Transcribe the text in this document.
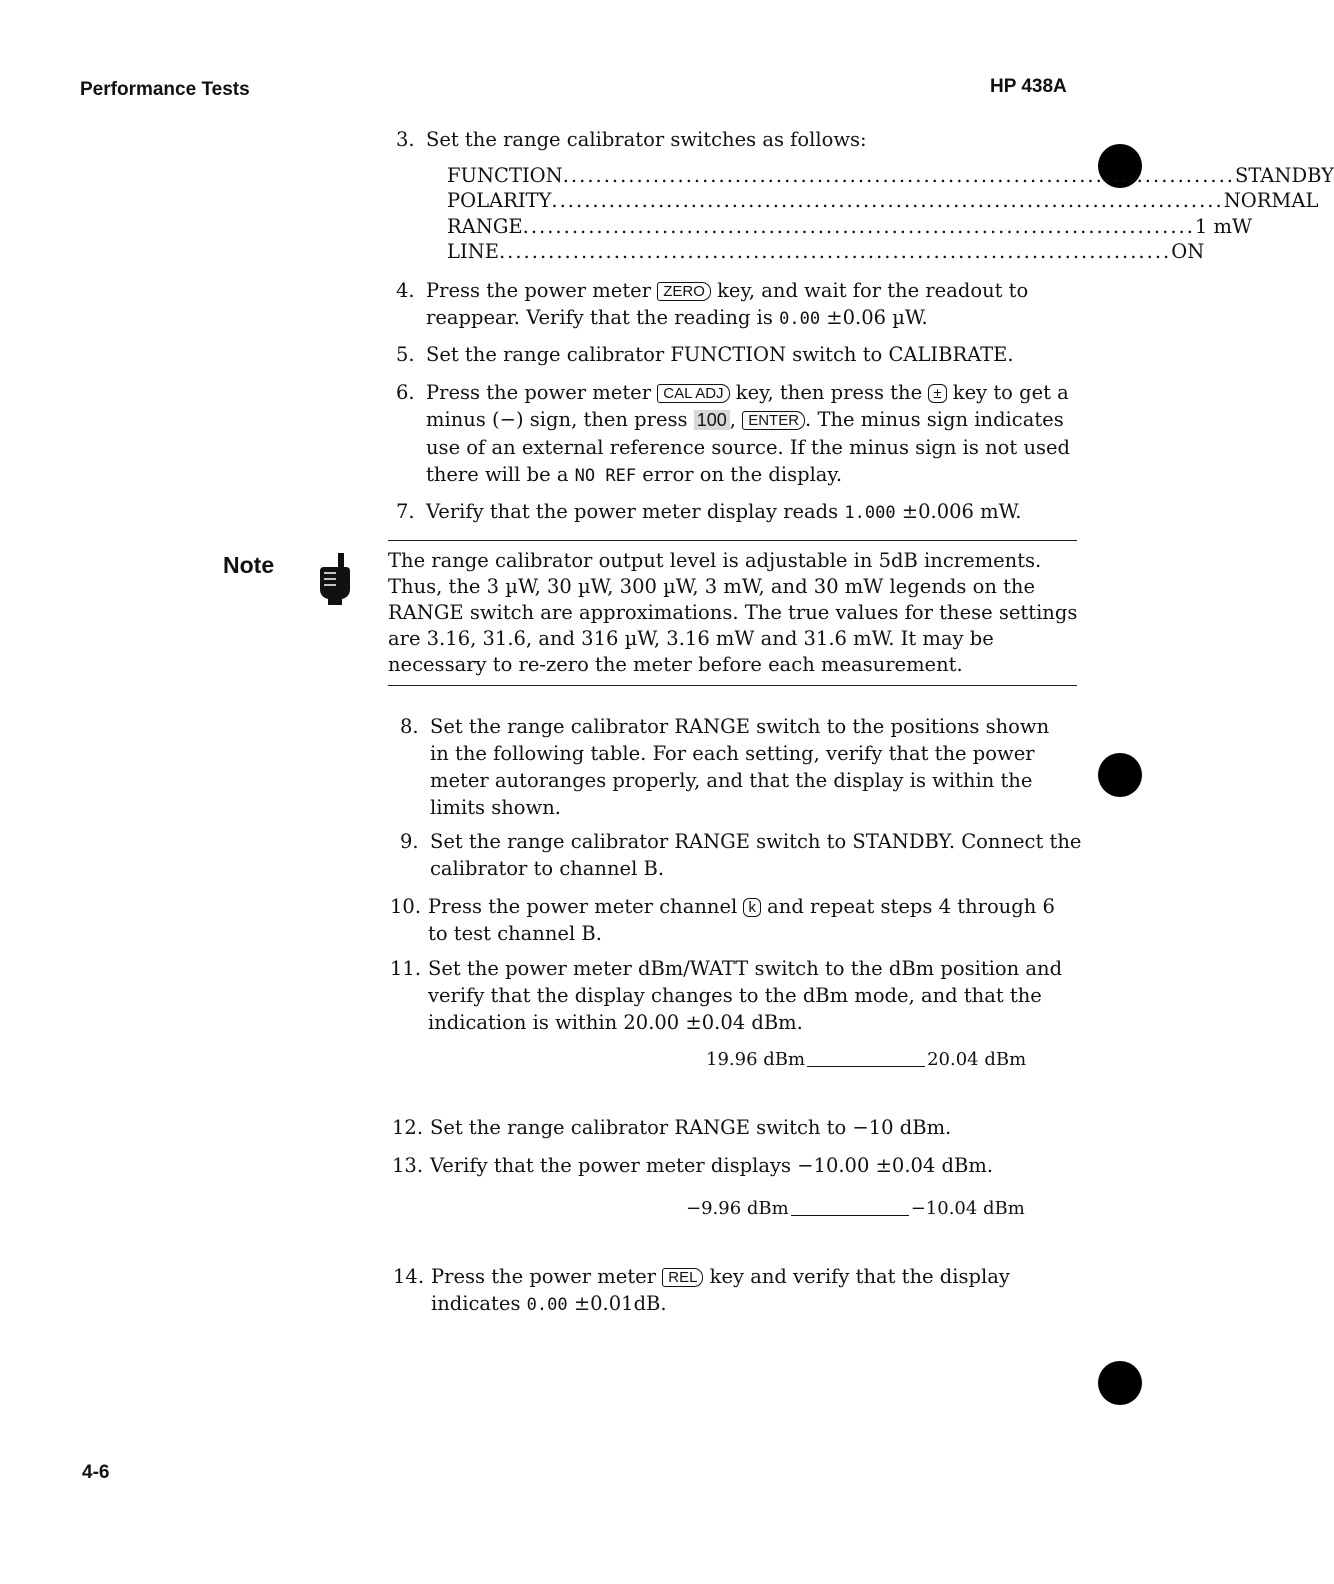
Performance Tests	HP 438A
3. Set the range calibrator switches as follows:
FUNCTION .................................................................................. STANDBY
POLARITY .................................................................................. NORMAL
RANGE .................................................................................. 1 mW
LINE .................................................................................. ON
4. Press the power meter ZERO key, and wait for the readout to reappear. Verify that the reading is 0.00 ±0.06 µW.
5. Set the range calibrator FUNCTION switch to CALIBRATE.
6. Press the power meter CAL ADJ key, then press the ± key to get a minus (−) sign, then press 100 , ENTER . The minus sign indicates use of an external reference source. If the minus sign is not used there will be a NO REF error on the display.
7. Verify that the power meter display reads 1.000 ±0.006 mW.
Note	The range calibrator output level is adjustable in 5dB increments. Thus, the 3 µW, 30 µW, 300 µW, 3 mW, and 30 mW legends on the RANGE switch are approximations. The true values for these settings are 3.16, 31.6, and 316 µW, 3.16 mW and 31.6 mW. It may be necessary to re-zero the meter before each measurement.
8. Set the range calibrator RANGE switch to the positions shown in the following table. For each setting, verify that the power meter autoranges properly, and that the display is within the limits shown.
9. Set the range calibrator RANGE switch to STANDBY. Connect the calibrator to channel B.
10. Press the power meter channel k and repeat steps 4 through 6 to test channel B.
11. Set the power meter dBm/WATT switch to the dBm position and verify that the display changes to the dBm mode, and that the indication is within 20.00 ±0.04 dBm.
19.96 dBm	20.04 dBm
12. Set the range calibrator RANGE switch to −10 dBm.
13. Verify that the power meter displays −10.00 ±0.04 dBm.
−9.96 dBm	−10.04 dBm
14. Press the power meter REL key and verify that the display indicates 0.00 ±0.01dB.
4-6
